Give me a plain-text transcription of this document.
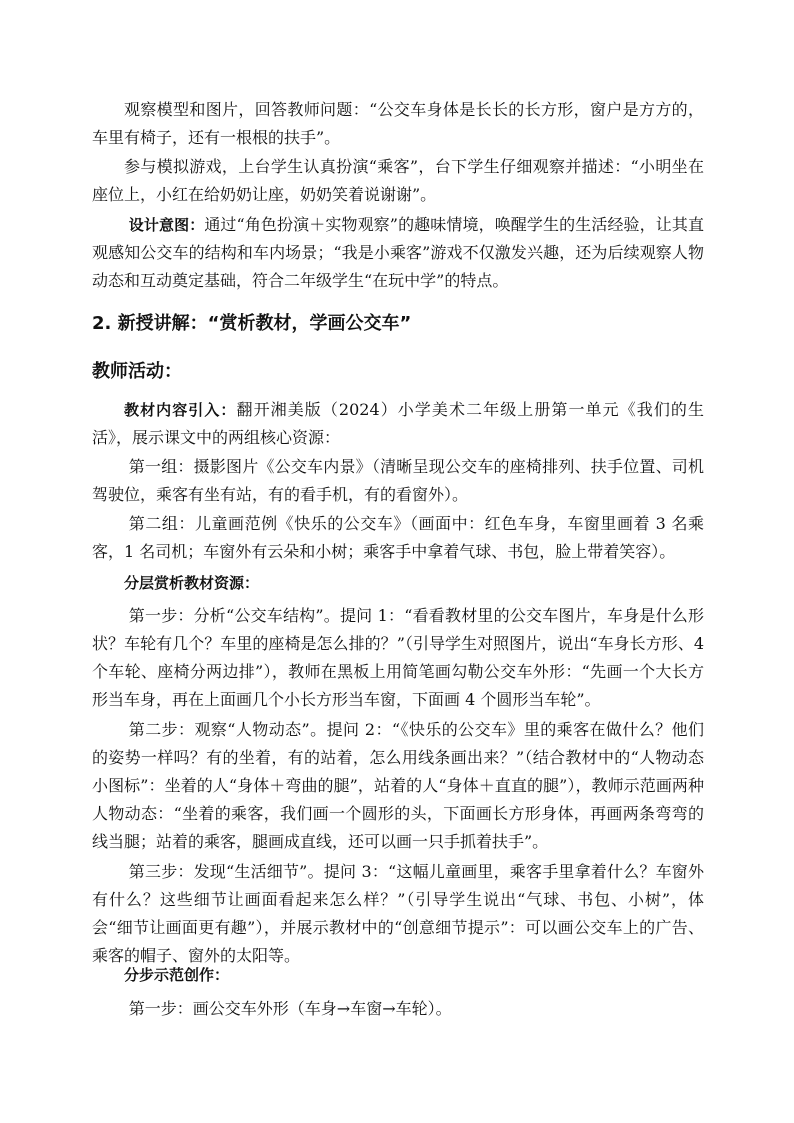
观察模型和图片，回答教师问题：“公交车身体是长长的长方形，窗户是方方的，车里有椅子，还有一根根的扶手”。

参与模拟游戏，上台学生认真扮演“乘客”，台下学生仔细观察并描述：“小明坐在座位上，小红在给奶奶让座，奶奶笑着说谢谢”。

设计意图：通过“角色扮演＋实物观察”的趣味情境，唤醒学生的生活经验，让其直观感知公交车的结构和车内场景；“我是小乘客”游戏不仅激发兴趣，还为后续观察人物动态和互动奠定基础，符合二年级学生“在玩中学”的特点。

2. 新授讲解：“赏析教材，学画公交车”
教师活动：

教材内容引入：翻开湘美版（2024）小学美术二年级上册第一单元《我们的生活》，展示课文中的两组核心资源：

第一组：摄影图片《公交车内景》（清晰呈现公交车的座椅排列、扶手位置、司机驾驶位，乘客有坐有站，有的看手机，有的看窗外）。

第二组：儿童画范例《快乐的公交车》（画面中：红色车身，车窗里画着 3 名乘客，1 名司机；车窗外有云朵和小树；乘客手中拿着气球、书包，脸上带着笑容）。

分层赏析教材资源：

第一步：分析“公交车结构”。提问 1：“看看教材里的公交车图片，车身是什么形状？车轮有几个？车里的座椅是怎么排的？”（引导学生对照图片，说出“车身长方形、4 个车轮、座椅分两边排”），教师在黑板上用简笔画勾勒公交车外形：“先画一个大长方形当车身，再在上面画几个小长方形当车窗，下面画 4 个圆形当车轮”。

第二步：观察“人物动态”。提问 2：“《快乐的公交车》里的乘客在做什么？他们的姿势一样吗？有的坐着，有的站着，怎么用线条画出来？”（结合教材中的“人物动态小图标”：坐着的人“身体＋弯曲的腿”，站着的人“身体＋直直的腿”），教师示范画两种人物动态：“坐着的乘客，我们画一个圆形的头，下面画长方形身体，再画两条弯弯的线当腿；站着的乘客，腿画成直线，还可以画一只手抓着扶手”。

第三步：发现“生活细节”。提问 3：“这幅儿童画里，乘客手里拿着什么？车窗外有什么？这些细节让画面看起来怎么样？”（引导学生说出“气球、书包、小树”，体会“细节让画面更有趣”），并展示教材中的“创意细节提示”：可以画公交车上的广告、乘客的帽子、窗外的太阳等。

分步示范创作：

第一步：画公交车外形（车身→车窗→车轮）。
